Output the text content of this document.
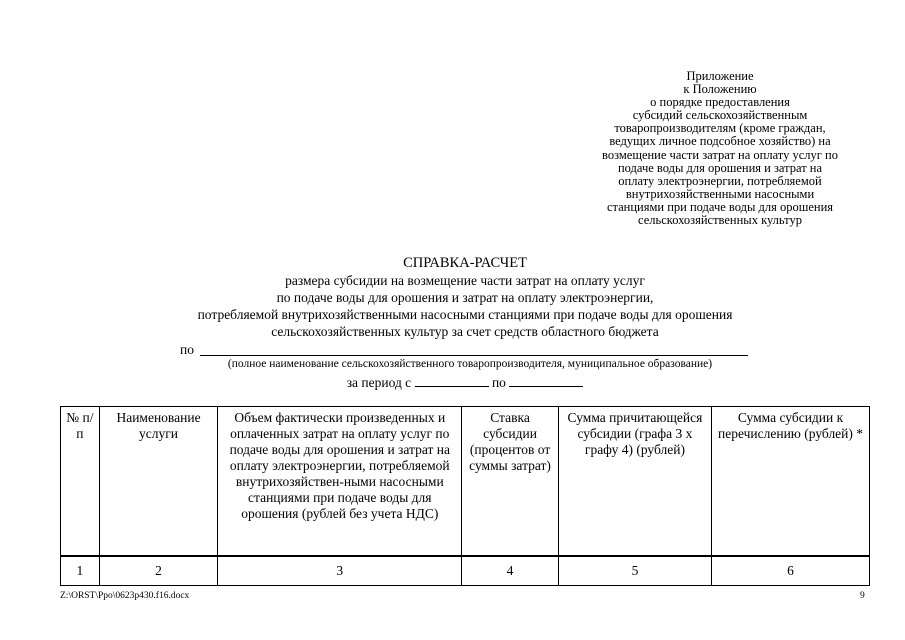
Приложение
к Положению
о порядке предоставления
субсидий сельскохозяйственным
товаропроизводителям (кроме граждан,
ведущих личное подсобное хозяйство) на
возмещение части затрат на оплату услуг по
подаче воды для орошения и затрат на
оплату электроэнергии, потребляемой
внутрихозяйственными насосными
станциями при подаче воды для орошения
сельскохозяйственных культур
СПРАВКА-РАСЧЕТ
размера субсидии на возмещение части затрат на оплату услуг
по подаче воды для орошения и затрат на оплату электроэнергии,
потребляемой внутрихозяйственными насосными станциями при подаче воды для орошения
сельскохозяйственных культур за счет средств областного бюджета
по
(полное наименование сельскохозяйственного товаропроизводителя, муниципальное образование)
за период с	по
№ п/п	Наименование услуги	Объем фактически произведенных и оплаченных затрат на оплату услуг по подаче воды для орошения и затрат на оплату электроэнергии, потребляемой внутрихозяйствен-ными насосными станциями при подаче воды для орошения (рублей без учета НДС)	Ставка субсидии (процентов от суммы затрат)	Сумма причитающейся субсидии (графа 3 х графу 4) (рублей)	Сумма субсидии к перечислению (рублей) *

1	2	3	4	5	6
Z:\ORST\Ppo\0623p430.f16.docx	9
